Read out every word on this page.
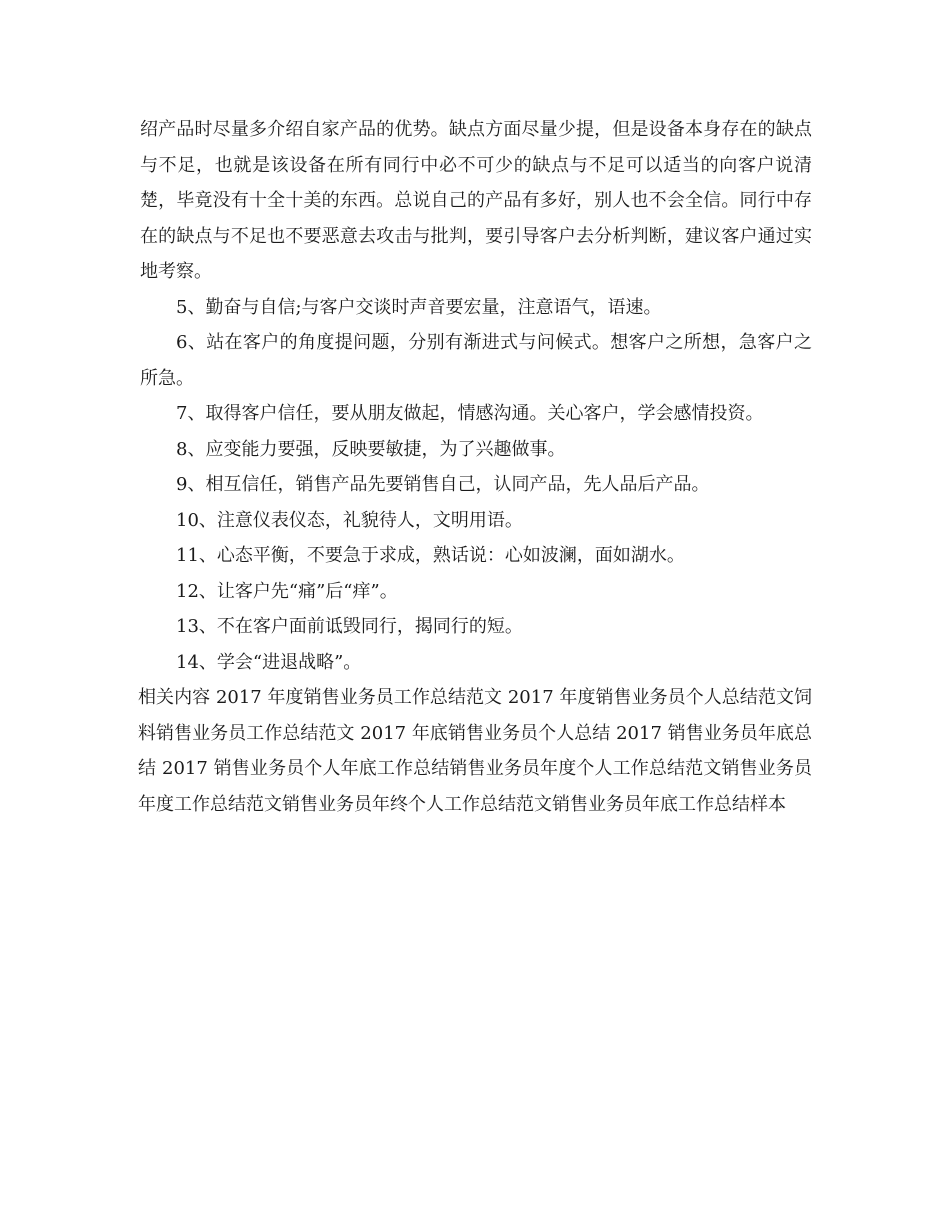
绍产品时尽量多介绍自家产品的优势。缺点方面尽量少提，但是设备本身存在的缺点与不足，也就是该设备在所有同行中必不可少的缺点与不足可以适当的向客户说清楚，毕竟没有十全十美的东西。总说自己的产品有多好，别人也不会全信。同行中存在的缺点与不足也不要恶意去攻击与批判，要引导客户去分析判断，建议客户通过实地考察。

5、勤奋与自信;与客户交谈时声音要宏量，注意语气，语速。

6、站在客户的角度提问题，分别有渐进式与问候式。想客户之所想，急客户之所急。

7、取得客户信任，要从朋友做起，情感沟通。关心客户，学会感情投资。

8、应变能力要强，反映要敏捷，为了兴趣做事。

9、相互信任，销售产品先要销售自己，认同产品，先人品后产品。

10、注意仪表仪态，礼貌待人，文明用语。

11、心态平衡，不要急于求成，熟话说：心如波澜，面如湖水。

12、让客户先“痛”后“痒”。

13、不在客户面前诋毁同行，揭同行的短。

14、学会“进退战略”。

相关内容 2017 年度销售业务员工作总结范文 2017 年度销售业务员个人总结范文饲料销售业务员工作总结范文 2017 年底销售业务员个人总结 2017 销售业务员年底总结 2017 销售业务员个人年底工作总结销售业务员年度个人工作总结范文销售业务员年度工作总结范文销售业务员年终个人工作总结范文销售业务员年底工作总结样本
